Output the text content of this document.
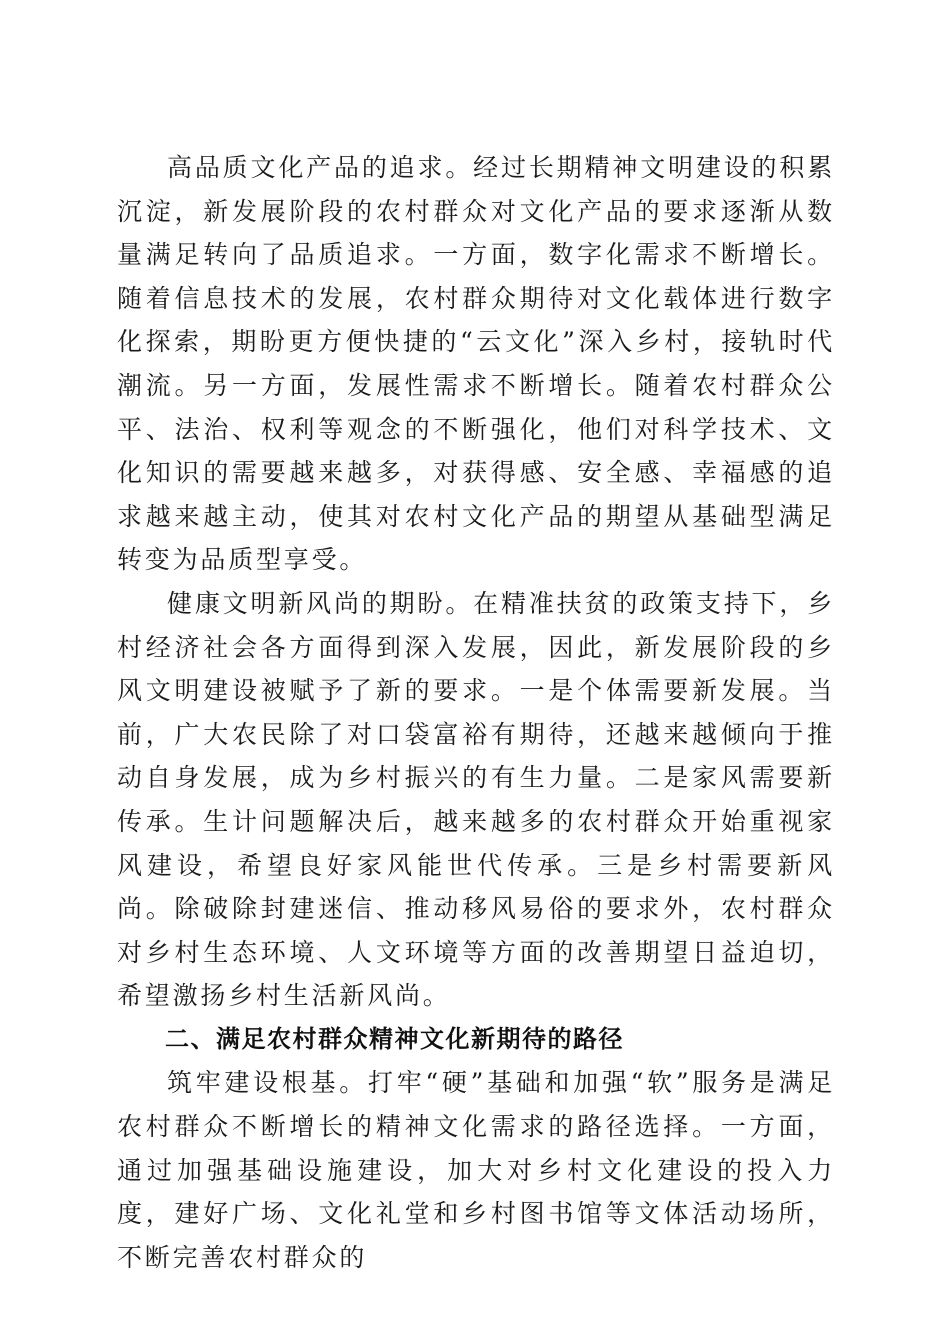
高品质文化产品的追求。经过长期精神文明建设的积累沉淀，新发展阶段的农村群众对文化产品的要求逐渐从数量满足转向了品质追求。一方面，数字化需求不断增长。随着信息技术的发展，农村群众期待对文化载体进行数字化探索，期盼更方便快捷的“云文化”深入乡村，接轨时代潮流。另一方面，发展性需求不断增长。随着农村群众公平、法治、权利等观念的不断强化，他们对科学技术、文化知识的需要越来越多，对获得感、安全感、幸福感的追求越来越主动，使其对农村文化产品的期望从基础型满足转变为品质型享受。

健康文明新风尚的期盼。在精准扶贫的政策支持下，乡村经济社会各方面得到深入发展，因此，新发展阶段的乡风文明建设被赋予了新的要求。一是个体需要新发展。当前，广大农民除了对口袋富裕有期待，还越来越倾向于推动自身发展，成为乡村振兴的有生力量。二是家风需要新传承。生计问题解决后，越来越多的农村群众开始重视家风建设，希望良好家风能世代传承。三是乡村需要新风尚。除破除封建迷信、推动移风易俗的要求外，农村群众对乡村生态环境、人文环境等方面的改善期望日益迫切，希望激扬乡村生活新风尚。

二、满足农村群众精神文化新期待的路径

筑牢建设根基。打牢“硬”基础和加强“软”服务是满足农村群众不断增长的精神文化需求的路径选择。一方面，通过加强基础设施建设，加大对乡村文化建设的投入力度，建好广场、文化礼堂和乡村图书馆等文体活动场所，不断完善农村群众的
